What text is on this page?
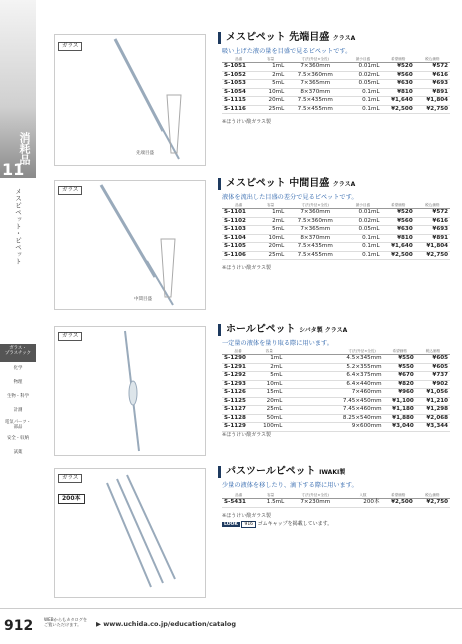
消耗品
11
メスピペット・ピペット
ガラス・
プラスチック
化学
物理
生物・科学
計測
電気パーツ・
部品
安全・収納
試薬
ガラス
先端目盛
ガラス
中間目盛
ガラス
ガラス
200本
メスピペット 先端目盛 クラスA
吸い上げた液の量を目盛で見るピペットです。
品番	容量	寸法(外径×全長)	最小目盛	希望価格	税込価格
S-1051	1mL	7×360mm	0.01mL	¥520	¥572
S-1052	2mL	7.5×360mm	0.02mL	¥560	¥616
S-1053	5mL	7×365mm	0.05mL	¥630	¥693
S-1054	10mL	8×370mm	0.1mL	¥810	¥891
S-1115	20mL	7.5×435mm	0.1mL	¥1,640	¥1,804
S-1116	25mL	7.5×455mm	0.1mL	¥2,500	¥2,750
※ほうけい酸ガラス製
メスピペット 中間目盛 クラスA
液体を流出した目盛の差分で見るピペットです。
品番	容量	寸法(外径×全長)	最小目盛	希望価格	税込価格
S-1101	1mL	7×360mm	0.01mL	¥520	¥572
S-1102	2mL	7.5×360mm	0.02mL	¥560	¥616
S-1103	5mL	7×365mm	0.05mL	¥630	¥693
S-1104	10mL	8×370mm	0.1mL	¥810	¥891
S-1105	20mL	7.5×435mm	0.1mL	¥1,640	¥1,804
S-1106	25mL	7.5×455mm	0.1mL	¥2,500	¥2,750
※ほうけい酸ガラス製
ホールピペット シバタ製 クラスA
一定量の液体を量り取る際に用います。
品番	容量		寸法(外径×全長)	希望価格	税込価格
S-1290	1mL		4.5×345mm	¥550	¥605
S-1291	2mL		5.2×355mm	¥550	¥605
S-1292	5mL		6.4×375mm	¥670	¥737
S-1293	10mL		6.4×440mm	¥820	¥902
S-1126	15mL		7×460mm	¥960	¥1,056
S-1125	20mL		7.45×450mm	¥1,100	¥1,210
S-1127	25mL		7.45×460mm	¥1,180	¥1,298
S-1128	50mL		8.25×540mm	¥1,880	¥2,068
S-1129	100mL		9×600mm	¥3,040	¥3,344
※ほうけい酸ガラス製
パスツールピペット IWAKI製
少量の液体を移したり、滴下する際に用います。
品番	容量	寸法(外径×全長)	入数	希望価格	税込価格
S-5431	1.5mL	7×230mm	200本	¥2,500	¥2,750
※ほうけい酸ガラス製
LOOK 916 ゴムキャップを掲載しています。
912	WEBからもカタログを
ご覧いただけます。	▶ www.uchida.co.jp/education/catalog
